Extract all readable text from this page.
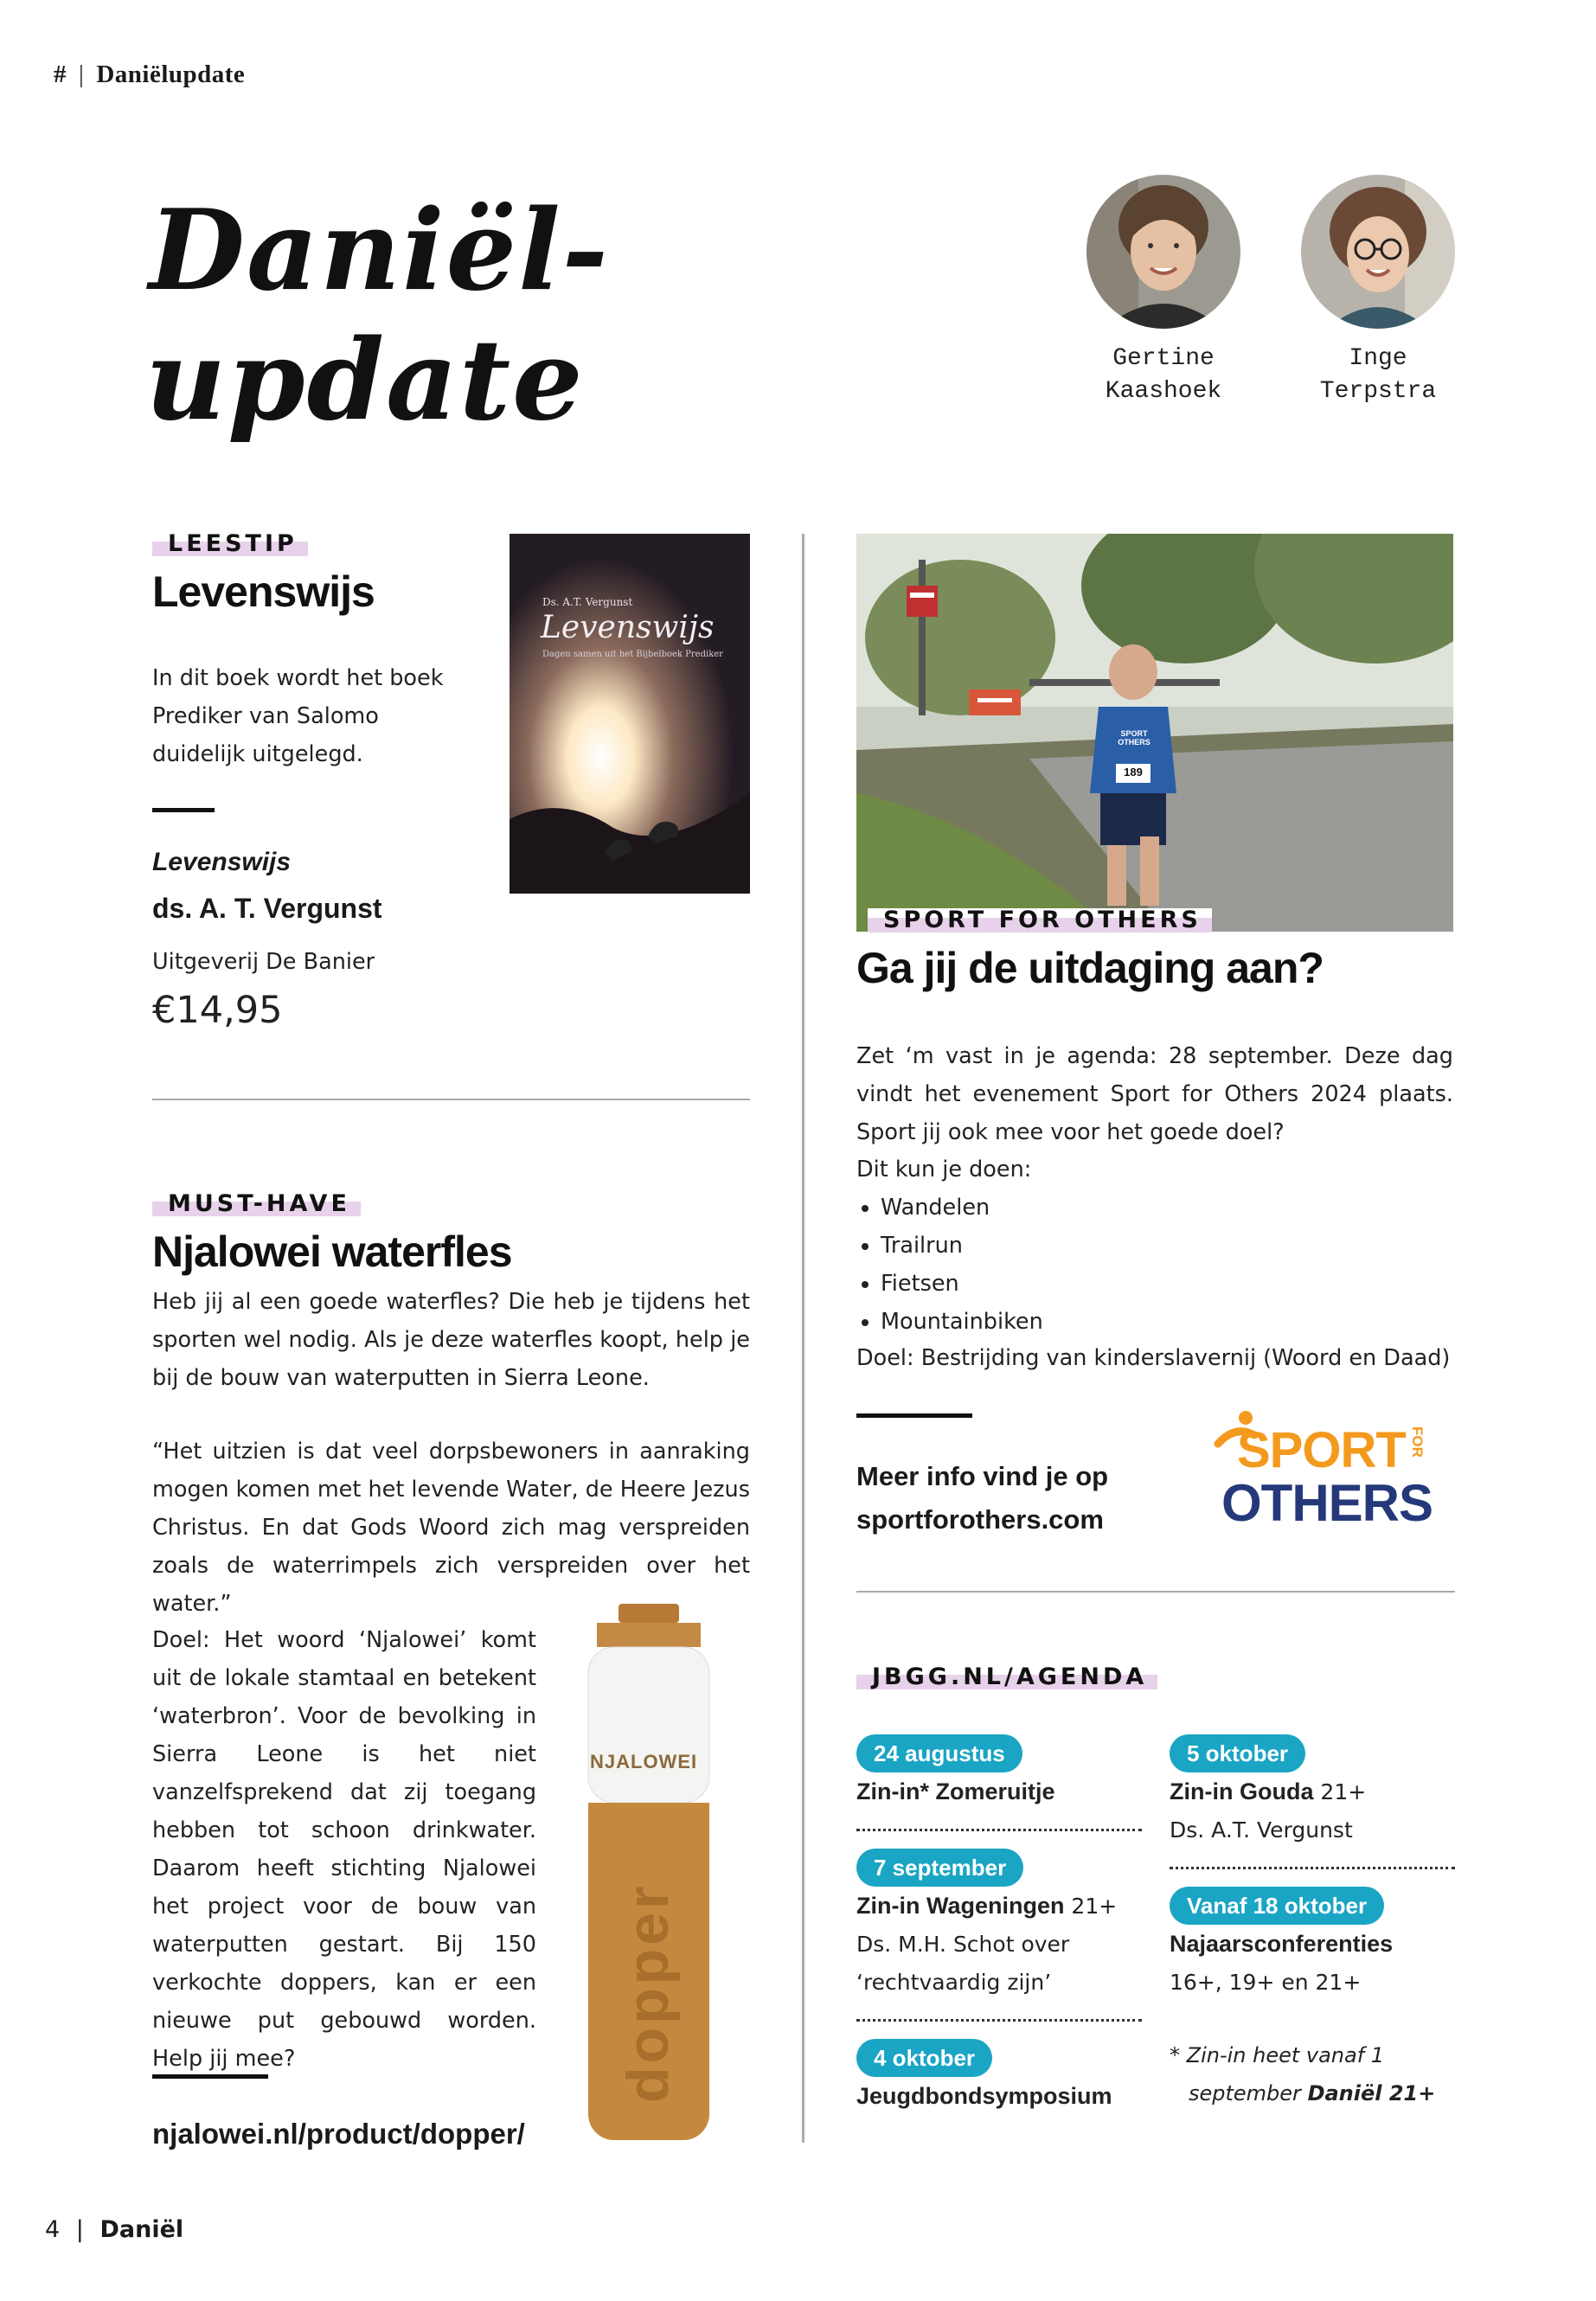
# | Daniëlupdate
Daniël-
update	Gertine
Kaashoek
Inge
Terpstra
LEESTIP
Levenswijs
In dit boek wordt het boek Prediker van Salomo duidelijk uitgelegd.
Levenswijs
ds. A. T. Vergunst
Uitgeverij De Banier
€14,95
Ds. A.T. Vergunst
Levenswijs
Dagen samen uit het Bijbelboek Prediker
MUST-HAVE
Njalowei waterfles
Heb jij al een goede waterfles? Die heb je tijdens het sporten wel nodig. Als je deze waterfles koopt, help je bij de bouw van waterputten in Sierra Leone.
“Het uitzien is dat veel dorpsbewoners in aanraking mogen komen met het levende Water, de Heere Jezus Christus. En dat Gods Woord zich mag verspreiden zoals de waterrimpels zich verspreiden over het water.”
Doel: Het woord ‘Njalowei’ komt uit de lokale stamtaal en betekent ‘waterbron’. Voor de bevolking in Sierra Leone is het niet vanzelfsprekend dat zij toegang hebben tot schoon drinkwater. Daarom heeft stichting Njalowei het project voor de bouw van waterputten gestart. Bij 150 verkochte doppers, kan er een nieuwe put gebouwd worden. Help jij mee?
njalowei.nl/product/dopper/
NJALOWEI
dopper
SPORT OTHERS
189
SPORT FOR OTHERS
Ga jij de uitdaging aan?
Zet ‘m vast in je agenda: 28 september. Deze dag vindt het evenement Sport for Others 2024 plaats. Sport jij ook mee voor het goede doel?
Dit kun je doen:
• Wandelen
• Trailrun
• Fietsen
• Mountainbiken
Doel: Bestrijding van kinderslavernij (Woord en Daad)
Meer info vind je op
sportforothers.com
SPORT FOR
OTHERS
JBGG.NL/AGENDA
24 augustus
Zin-in* Zomeruitje
7 september
Zin-in Wageningen 21+
Ds. M.H. Schot over
‘rechtvaardig zijn’
4 oktober
Jeugdbondsymposium
5 oktober
Zin-in Gouda 21+
Ds. A.T. Vergunst
Vanaf 18 oktober
Najaarsconferenties
16+, 19+ en 21+
* Zin-in heet vanaf 1
september Daniël 21+
4 | Daniël
